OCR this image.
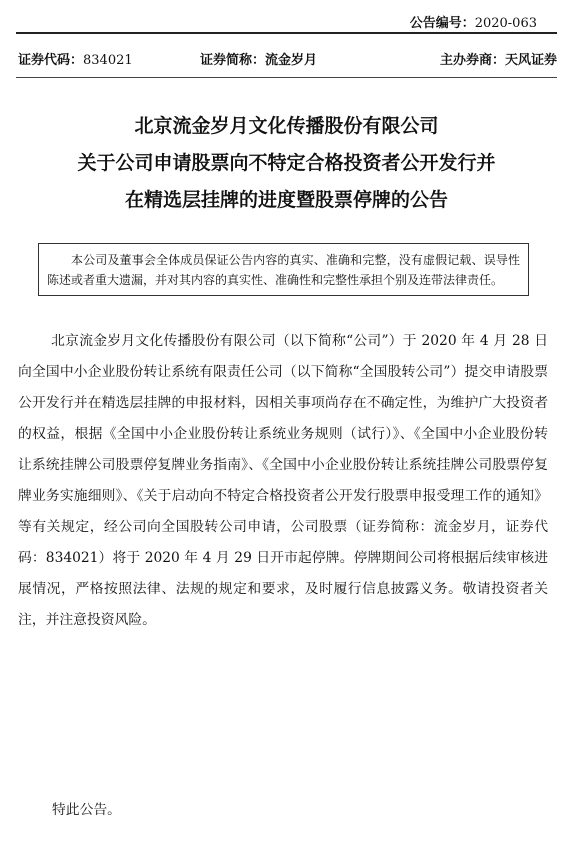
公告编号：2020-063
证券代码：834021	证券简称：流金岁月	主办券商：天风证券
北京流金岁月文化传播股份有限公司
关于公司申请股票向不特定合格投资者公开发行并
在精选层挂牌的进度暨股票停牌的公告
本公司及董事会全体成员保证公告内容的真实、准确和完整，没有虚假记载、误导性陈述或者重大遗漏，并对其内容的真实性、准确性和完整性承担个别及连带法律责任。

北京流金岁月文化传播股份有限公司（以下简称“公司”）于 2020 年 4 月 28 日向全国中小企业股份转让系统有限责任公司（以下简称“全国股转公司”）提交申请股票公开发行并在精选层挂牌的申报材料，因相关事项尚存在不确定性，为维护广大投资者的权益，根据《全国中小企业股份转让系统业务规则（试行）》、《全国中小企业股份转让系统挂牌公司股票停复牌业务指南》、《全国中小企业股份转让系统挂牌公司股票停复牌业务实施细则》、《关于启动向不特定合格投资者公开发行股票申报受理工作的通知》等有关规定，经公司向全国股转公司申请，公司股票（证券简称：流金岁月，证券代码：834021）将于 2020 年 4 月 29 日开市起停牌。停牌期间公司将根据后续审核进展情况，严格按照法律、法规的规定和要求，及时履行信息披露义务。敬请投资者关注，并注意投资风险。

特此公告。
